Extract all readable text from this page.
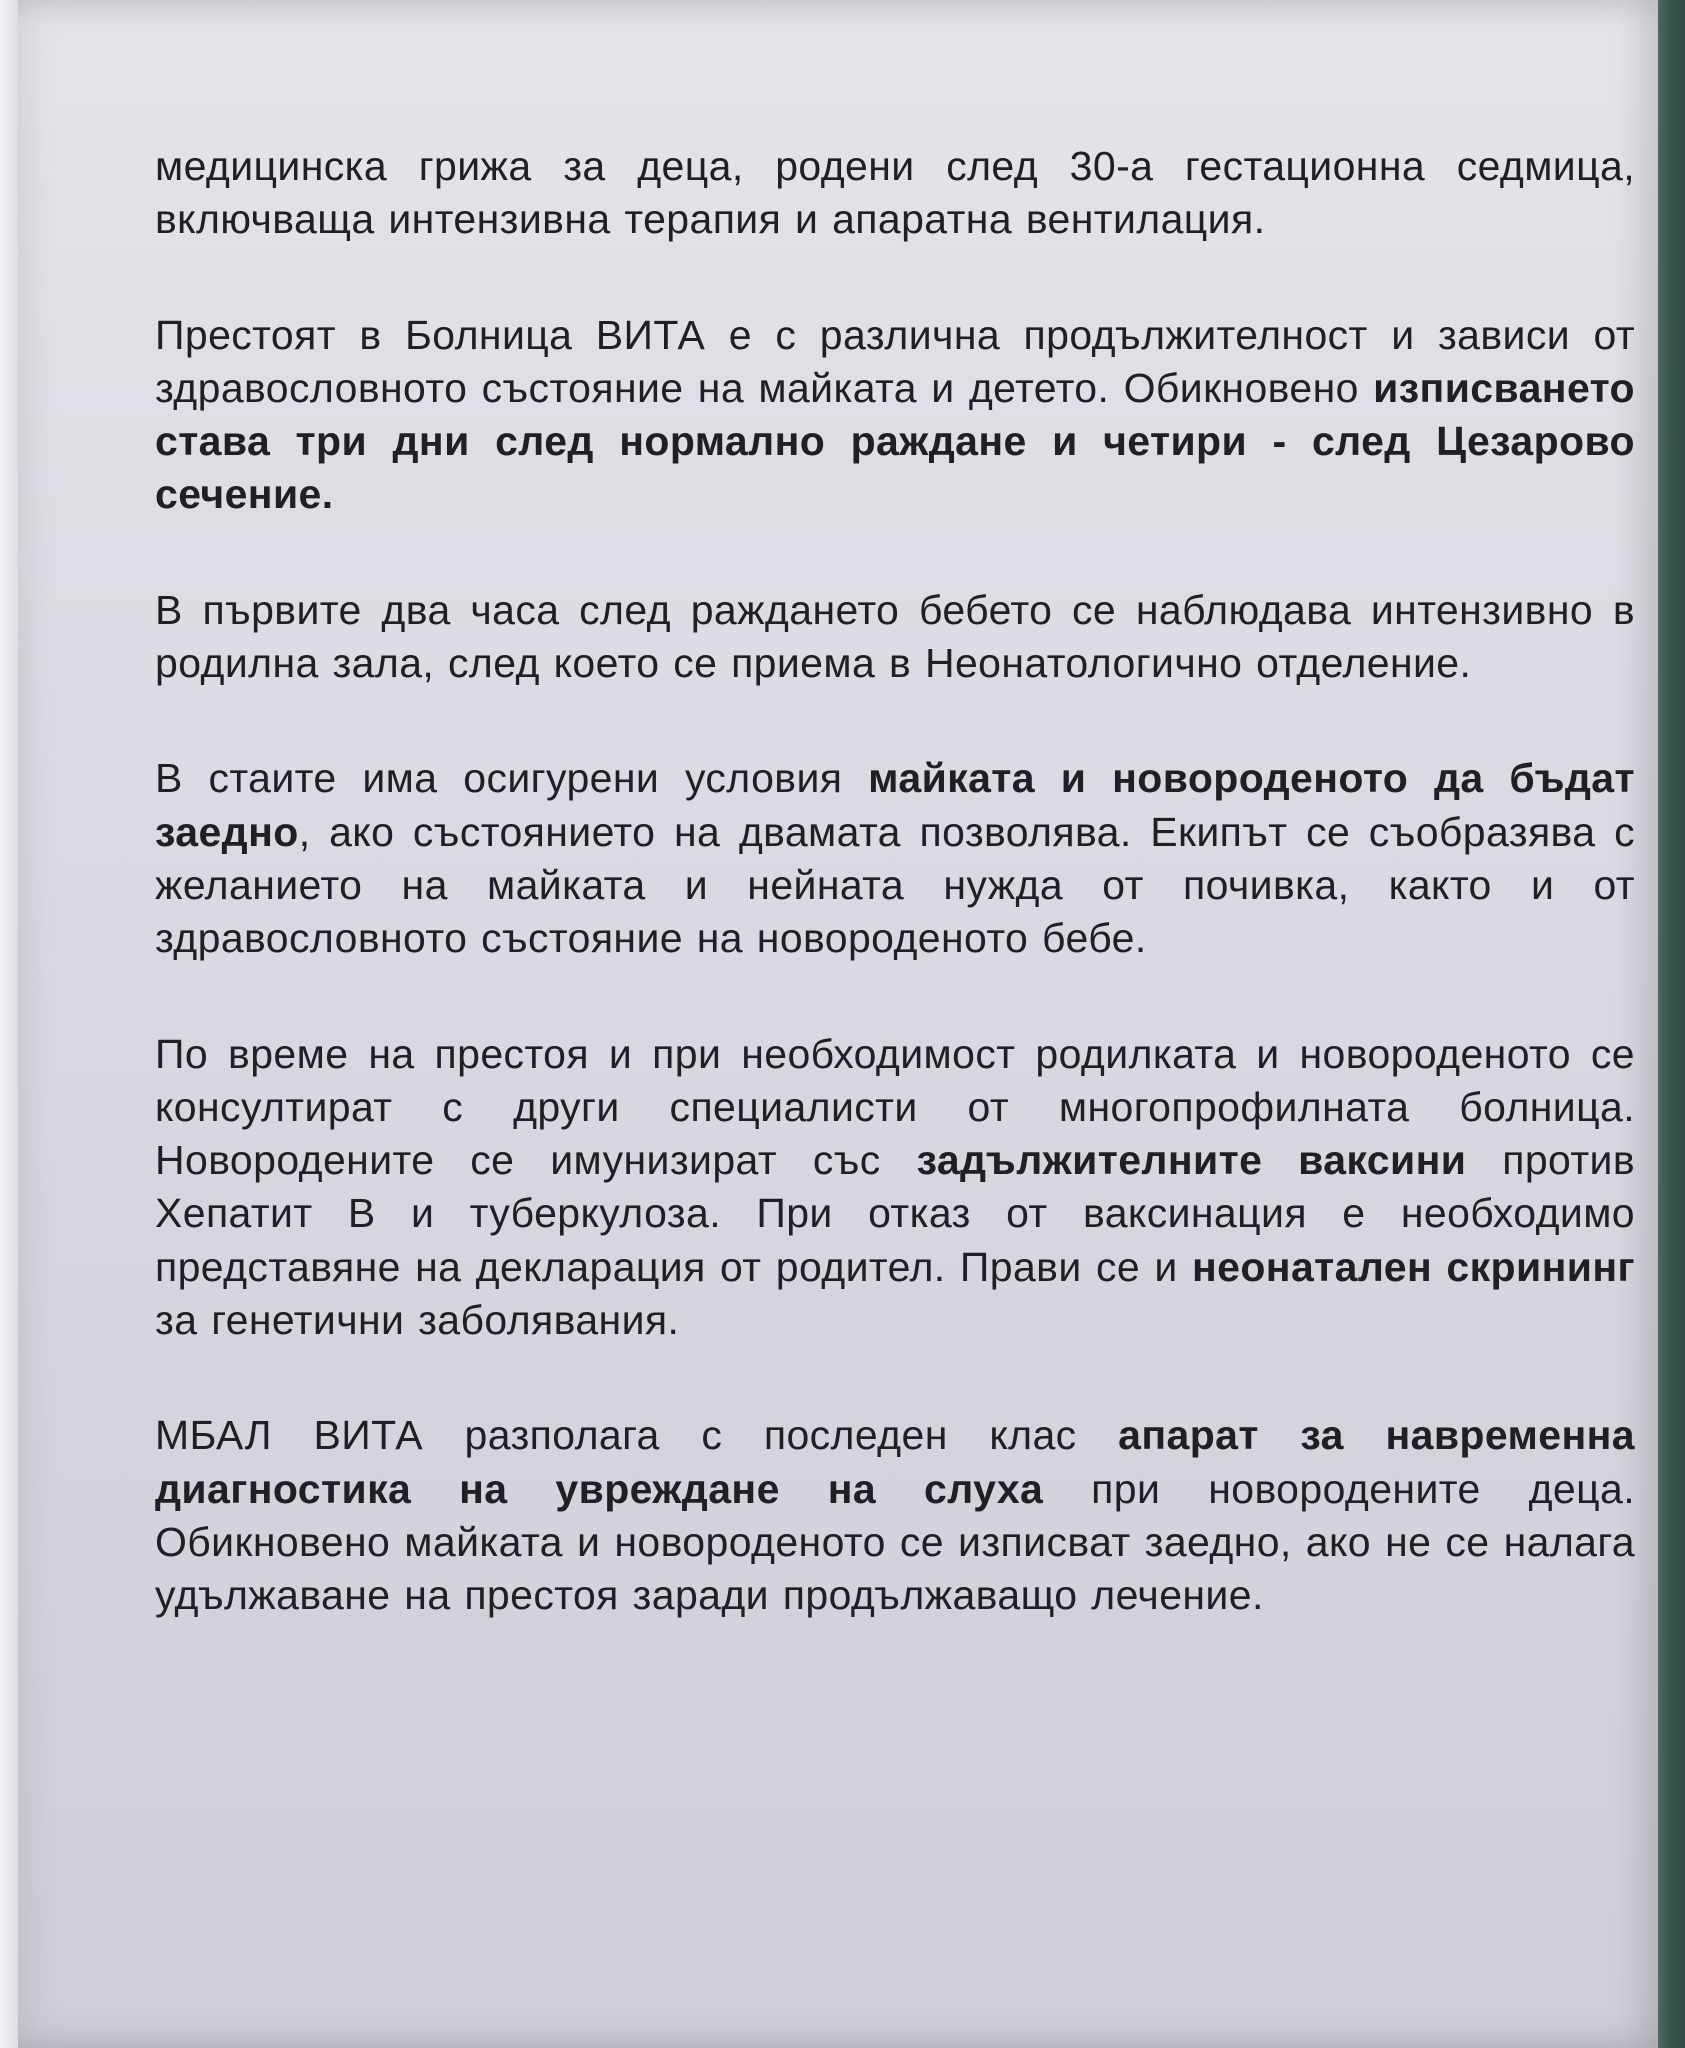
медицинска грижа за деца, родени след 30-а гестационна седмица, включваща интензивна терапия и апаратна вентилация.

Престоят в Болница ВИТА е с различна продължителност и зависи от здравословното състояние на майката и детето. Обикновено изписването става три дни след нормално раждане и четири - след Цезарово сечение.

В първите два часа след раждането бебето се наблюдава интензивно в родилна зала, след което се приема в Неонатологично отделение.

В стаите има осигурени условия майката и новороденото да бъдат заедно, ако състоянието на двамата позволява. Екипът се съобразява с желанието на майката и нейната нужда от почивка, както и от здравословното състояние на новороденото бебе.

По време на престоя и при необходимост родилката и новороденото се консултират с други специалисти от многопрофилната болница. Новородените се имунизират със задължителните ваксини против Хепатит В и туберкулоза. При отказ от ваксинация е необходимо представяне на декларация от родител. Прави се и неонатален скрининг за генетични заболявания.

МБАЛ ВИТА разполага с последен клас апарат за навременна диагностика на увреждане на слуха при новородените деца. Обикновено майката и новороденото се изписват заедно, ако не се налага удължаване на престоя заради продължаващо лечение.
